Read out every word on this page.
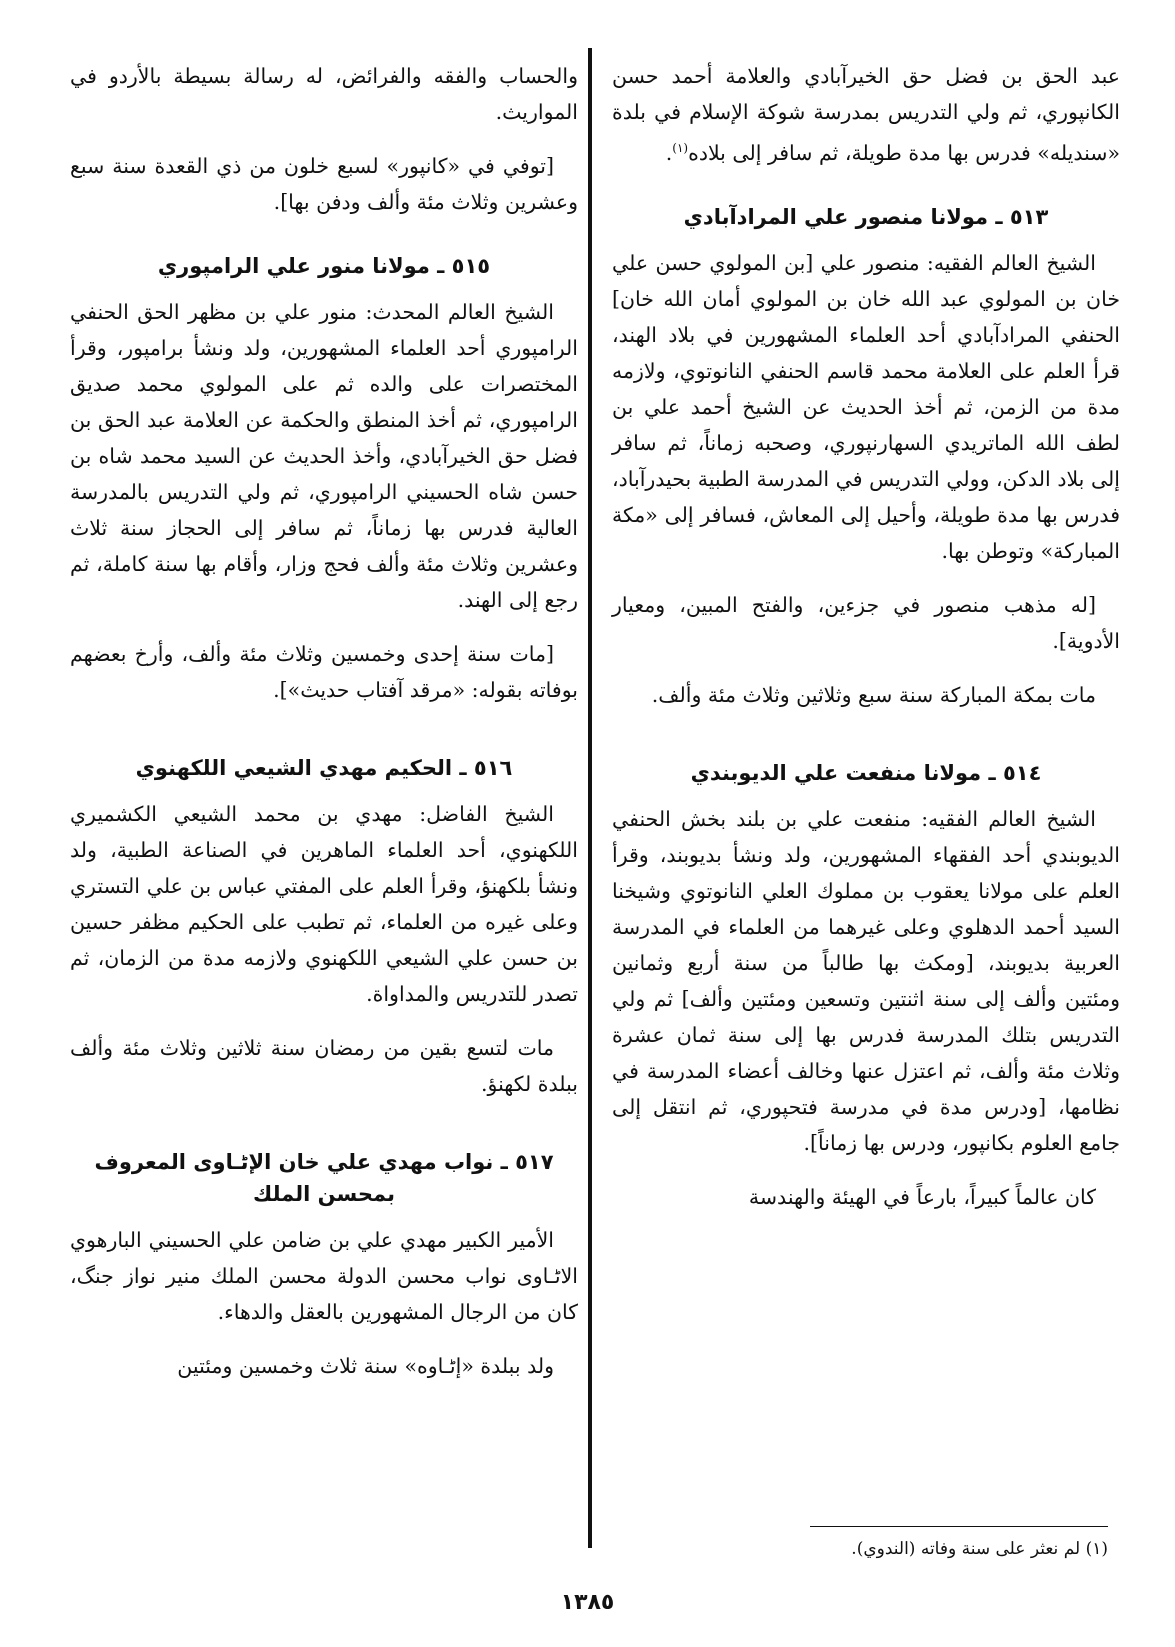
عبد الحق بن فضل حق الخيرآبادي والعلامة أحمد حسن الكانپوري، ثم ولي التدريس بمدرسة شوكة الإسلام في بلدة «سنديله» فدرس بها مدة طويلة، ثم سافر إلى بلاده$^{(١)}$.

٥١٣ ـ مولانا منصور علي المرادآبادي

الشيخ العالم الفقيه: منصور علي [بن المولوي حسن علي خان بن المولوي عبد الله خان بن المولوي أمان الله خان] الحنفي المرادآبادي أحد العلماء المشهورين في بلاد الهند، قرأ العلم على العلامة محمد قاسم الحنفي النانوتوي، ولازمه مدة من الزمن، ثم أخذ الحديث عن الشيخ أحمد علي بن لطف الله الماتريدي السهارنپوري، وصحبه زماناً، ثم سافر إلى بلاد الدكن، وولي التدريس في المدرسة الطبية بحيدرآباد، فدرس بها مدة طويلة، وأحيل إلى المعاش، فسافر إلى «مكة المباركة» وتوطن بها.

[له مذهب منصور في جزءين، والفتح المبين، ومعيار الأدوية].

مات بمكة المباركة سنة سبع وثلاثين وثلاث مئة وألف.

٥١٤ ـ مولانا منفعت علي الديوبندي

الشيخ العالم الفقيه: منفعت علي بن بلند بخش الحنفي الديوبندي أحد الفقهاء المشهورين، ولد ونشأ بديوبند، وقرأ العلم على مولانا يعقوب بن مملوك العلي النانوتوي وشيخنا السيد أحمد الدهلوي وعلى غيرهما من العلماء في المدرسة العربية بديوبند، [ومكث بها طالباً من سنة أربع وثمانين ومئتين وألف إلى سنة اثنتين وتسعين ومئتين وألف] ثم ولي التدريس بتلك المدرسة فدرس بها إلى سنة ثمان عشرة وثلاث مئة وألف، ثم اعتزل عنها وخالف أعضاء المدرسة في نظامها، [ودرس مدة في مدرسة فتحپوري، ثم انتقل إلى جامع العلوم بكانپور، ودرس بها زماناً].

كان عالماً كبيراً، بارعاً في الهيئة والهندسة

والحساب والفقه والفرائض، له رسالة بسيطة بالأردو في المواريث.

[توفي في «كانپور» لسبع خلون من ذي القعدة سنة سبع وعشرين وثلاث مئة وألف ودفن بها].

٥١٥ ـ مولانا منور علي الرامپوري

الشيخ العالم المحدث: منور علي بن مظهر الحق الحنفي الرامپوري أحد العلماء المشهورين، ولد ونشأ برامپور، وقرأ المختصرات على والده ثم على المولوي محمد صديق الرامپوري، ثم أخذ المنطق والحكمة عن العلامة عبد الحق بن فضل حق الخيرآبادي، وأخذ الحديث عن السيد محمد شاه بن حسن شاه الحسيني الرامپوري، ثم ولي التدريس بالمدرسة العالية فدرس بها زماناً، ثم سافر إلى الحجاز سنة ثلاث وعشرين وثلاث مئة وألف فحج وزار، وأقام بها سنة كاملة، ثم رجع إلى الهند.

[مات سنة إحدى وخمسين وثلاث مئة وألف، وأرخ بعضهم بوفاته بقوله: «مرقد آفتاب حديث»].

٥١٦ ـ الحكيم مهدي الشيعي اللكهنوي

الشيخ الفاضل: مهدي بن محمد الشيعي الكشميري اللكهنوي، أحد العلماء الماهرين في الصناعة الطبية، ولد ونشأ بلكهنؤ، وقرأ العلم على المفتي عباس بن علي التستري وعلى غيره من العلماء، ثم تطبب على الحكيم مظفر حسين بن حسن علي الشيعي اللكهنوي ولازمه مدة من الزمان، ثم تصدر للتدريس والمداواة.

مات لتسع بقين من رمضان سنة ثلاثين وثلاث مئة وألف ببلدة لكهنؤ.

٥١٧ ـ نواب مهدي علي خان الإٹـاوى المعروف بمحسن الملك

الأمير الكبير مهدي علي بن ضامن علي الحسيني البارهوي الاٹـاوى نواب محسن الدولة محسن الملك منير نواز جنگ، كان من الرجال المشهورين بالعقل والدهاء.

ولد ببلدة «إٹـاوه» سنة ثلاث وخمسين ومئتين

(١) لم نعثر على سنة وفاته (الندوي).
١٣٨٥
